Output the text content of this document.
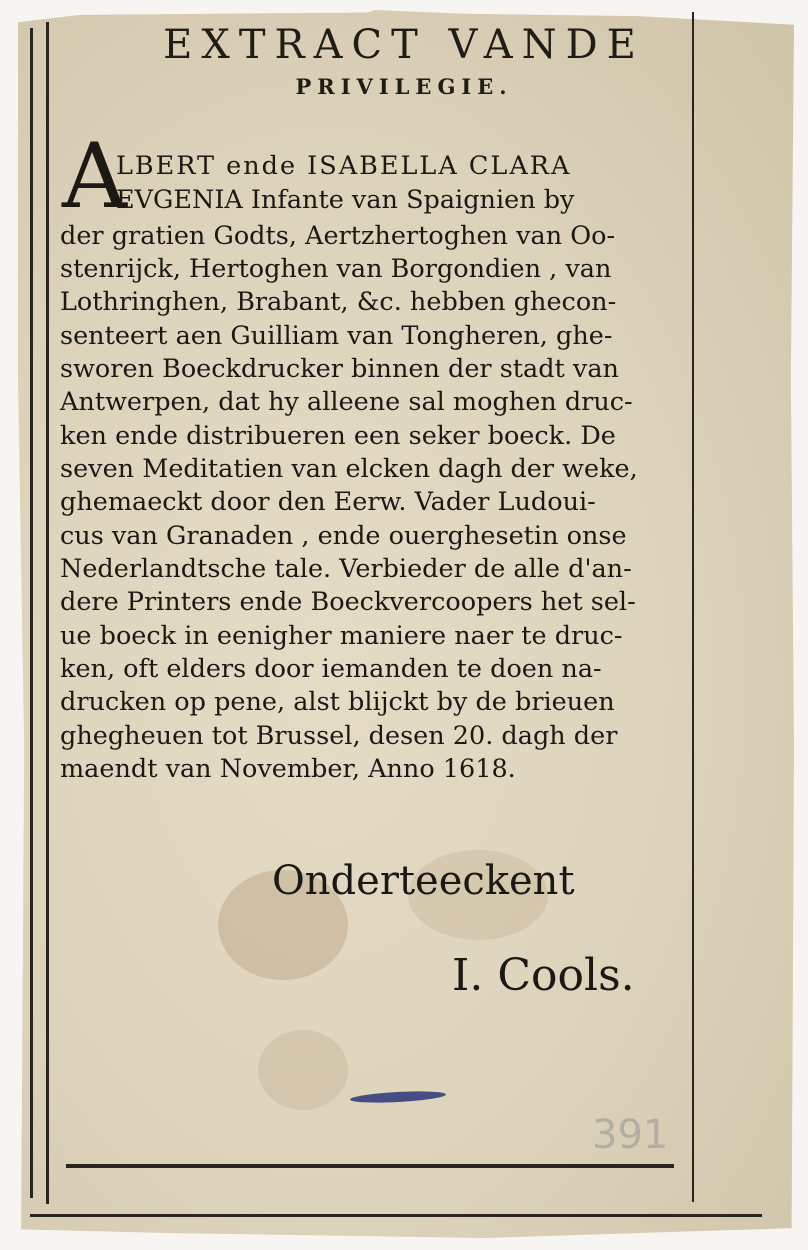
EXTRACT VANDE
PRIVILEGIE.
A
LBERT ende ISABELLA CLARA
EVGENIA Infante van Spaignien by
der gratien Godts, Aertzhertoghen van Oo-
stenrijck, Hertoghen van Borgondien , van
Lothringhen, Brabant, &c. hebben ghecon-
senteert aen Guilliam van Tongheren, ghe-
sworen Boeckdrucker binnen der stadt van
Antwerpen, dat hy alleene sal moghen druc-
ken ende distribueren een seker boeck. De
seven Meditatien van elcken dagh der weke,
ghemaeckt door den Eerw. Vader Ludoui-
cus van Granaden , ende ouerghesetin onse
Nederlandtsche tale. Verbieder de alle d'an-
dere Printers ende Boeckvercoopers het sel-
ue boeck in eenigher maniere naer te druc-
ken, oft elders door iemanden te doen na-
drucken op pene, alst blijckt by de brieuen
ghegheuen tot Brussel, desen 20. dagh der
maendt van November, Anno 1618.
Onderteeckent
I. Cools.
391
